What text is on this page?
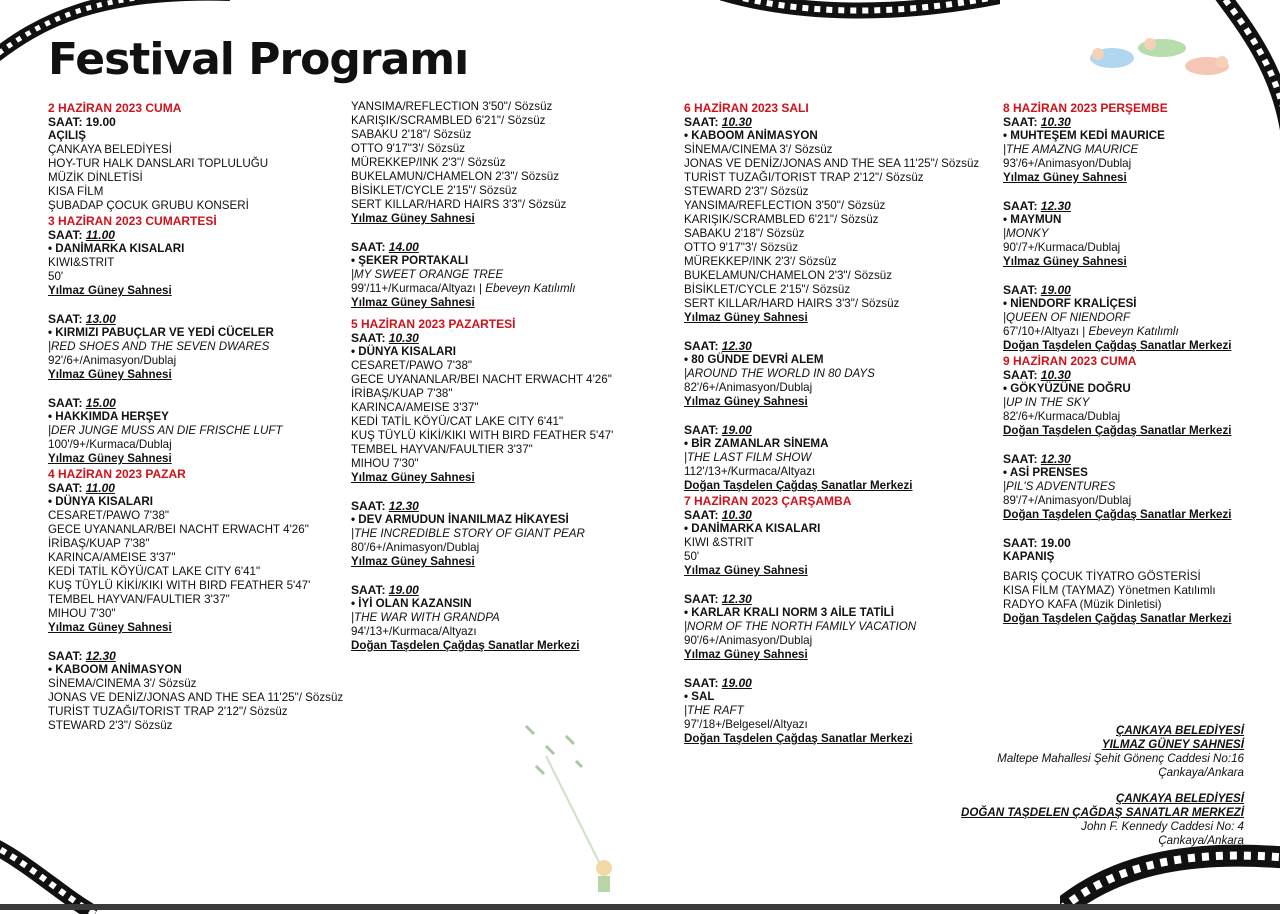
Festival Programı
2 HAZİRAN 2023 CUMA
SAAT: 19.00
AÇILIŞ
ÇANKAYA BELEDİYESİ
HOY-TUR HALK DANSLARI TOPLULUĞU
MÜZİK DİNLETİSİ
KISA FİLM
ŞUBADAP ÇOCUK GRUBU KONSERİ
3 HAZİRAN 2023 CUMARTESİ
SAAT: 11.00
• DANİMARKA KISALARI
KIWI&STRIT
50'
Yılmaz Güney Sahnesi
SAAT: 13.00
• KIRMIZI PABUÇLAR VE YEDİ CÜCELER
|RED SHOES AND THE SEVEN DWARES
92'/6+/Animasyon/Dublaj
Yılmaz Güney Sahnesi
SAAT: 15.00
• HAKKIMDA HERŞEY
|DER JUNGE MUSS AN DIE FRISCHE LUFT
100'/9+/Kurmaca/Dublaj
Yılmaz Güney Sahnesi
4 HAZİRAN 2023 PAZAR
SAAT: 11.00
• DÜNYA KISALARI
CESARET/PAWO 7'38"
GECE UYANANLAR/BEI NACHT ERWACHT 4'26"
İRİBAŞ/KUAP 7'38"
KARINCA/AMEISE 3'37"
KEDİ TATİL KÖYÜ/CAT LAKE CITY 6'41"
KUŞ TÜYLÜ KİKİ/KIKI WITH BIRD FEATHER 5'47'
TEMBEL HAYVAN/FAULTIER 3'37"
MIHOU 7'30"
Yılmaz Güney Sahnesi
SAAT: 12.30
• KABOOM ANİMASYON
SİNEMA/CINEMA 3'/ Sözsüz
JONAS VE DENİZ/JONAS AND THE SEA 11'25"/ Sözsüz
TURİST TUZAĞI/TORIST TRAP 2'12"/ Sözsüz
STEWARD 2'3"/ Sözsüz
YANSIMA/REFLECTION 3'50"/ Sözsüz
KARIŞIK/SCRAMBLED 6'21"/ Sözsüz
SABAKU 2'18"/ Sözsüz
OTTO 9'17"3'/ Sözsüz
MÜREKKEP/INK 2'3"/ Sözsüz
BUKELAMUN/CHAMELON 2'3"/ Sözsüz
BİSİKLET/CYCLE 2'15"/ Sözsüz
SERT KILLAR/HARD HAIRS 3'3"/ Sözsüz
Yılmaz Güney Sahnesi
SAAT: 14.00
• ŞEKER PORTAKALI
|MY SWEET ORANGE TREE
99'/11+/Kurmaca/Altyazı | Ebeveyn Katılımlı
Yılmaz Güney Sahnesi
5 HAZİRAN 2023 PAZARTESİ
SAAT: 10.30
• DÜNYA KISALARI
CESARET/PAWO 7'38"
GECE UYANANLAR/BEI NACHT ERWACHT 4'26"
İRİBAŞ/KUAP 7'38"
KARINCA/AMEISE 3'37"
KEDİ TATİL KÖYÜ/CAT LAKE CITY 6'41"
KUŞ TÜYLÜ KİKİ/KIKI WITH BIRD FEATHER 5'47'
TEMBEL HAYVAN/FAULTIER 3'37"
MIHOU 7'30"
Yılmaz Güney Sahnesi
SAAT: 12.30
• DEV ARMUDUN İNANILMAZ HİKAYESİ
|THE INCREDIBLE STORY OF GIANT PEAR
80'/6+/Animasyon/Dublaj
Yılmaz Güney Sahnesi
SAAT: 19.00
• İYİ OLAN KAZANSIN
|THE WAR WITH GRANDPA
94'/13+/Kurmaca/Altyazı
Doğan Taşdelen Çağdaş Sanatlar Merkezi
6 HAZİRAN 2023 SALI
SAAT: 10.30
• KABOOM ANİMASYON
SİNEMA/CINEMA 3'/ Sözsüz
JONAS VE DENİZ/JONAS AND THE SEA 11'25"/ Sözsüz
TURİST TUZAĞI/TORIST TRAP 2'12"/ Sözsüz
STEWARD 2'3"/ Sözsüz
YANSIMA/REFLECTION 3'50"/ Sözsüz
KARIŞIK/SCRAMBLED 6'21"/ Sözsüz
SABAKU 2'18"/ Sözsüz
OTTO 9'17"3'/ Sözsüz
MÜREKKEP/INK 2'3'/ Sözsüz
BUKELAMUN/CHAMELON 2'3"/ Sözsüz
BİSİKLET/CYCLE 2'15"/ Sözsüz
SERT KILLAR/HARD HAIRS 3'3"/ Sözsüz
Yılmaz Güney Sahnesi
SAAT: 12.30
• 80 GÜNDE DEVRİ ALEM
|AROUND THE WORLD IN 80 DAYS
82'/6+/Animasyon/Dublaj
Yılmaz Güney Sahnesi
SAAT: 19.00
• BİR ZAMANLAR SİNEMA
|THE LAST FILM SHOW
112'/13+/Kurmaca/Altyazı
Doğan Taşdelen Çağdaş Sanatlar Merkezi
7 HAZİRAN 2023 ÇARŞAMBA
SAAT: 10.30
• DANİMARKA KISALARI
KIWI &STRIT
50'
Yılmaz Güney Sahnesi
SAAT: 12.30
• KARLAR KRALI NORM 3 AİLE TATİLİ
|NORM OF THE NORTH FAMILY VACATION
90'/6+/Animasyon/Dublaj
Yılmaz Güney Sahnesi
SAAT: 19.00
• SAL
|THE RAFT
97'/18+/Belgesel/Altyazı
Doğan Taşdelen Çağdaş Sanatlar Merkezi
8 HAZİRAN 2023 PERŞEMBE
SAAT: 10.30
• MUHTEŞEM KEDİ MAURICE
|THE AMAZNG MAURICE
93'/6+/Animasyon/Dublaj
Yılmaz Güney Sahnesi
SAAT: 12.30
• MAYMUN
|MONKY
90'/7+/Kurmaca/Dublaj
Yılmaz Güney Sahnesi
SAAT: 19.00
• NİENDORF KRALİÇESİ
|QUEEN OF NIENDORF
67'/10+/Altyazı | Ebeveyn Katılımlı
Doğan Taşdelen Çağdaş Sanatlar Merkezi
9 HAZİRAN 2023 CUMA
SAAT: 10.30
• GÖKYÜZÜNE DOĞRU
|UP IN THE SKY
82'/6+/Kurmaca/Dublaj
Doğan Taşdelen Çağdaş Sanatlar Merkezi
SAAT: 12.30
• ASİ PRENSES
|PIL'S ADVENTURES
89'/7+/Animasyon/Dublaj
Doğan Taşdelen Çağdaş Sanatlar Merkezi
SAAT: 19.00
KAPANIŞ
BARIŞ ÇOCUK TİYATRO GÖSTERİSİ
KISA FİLM (TAYMAZ) Yönetmen Katılımlı
RADYO KAFA (Müzik Dinletisi)
Doğan Taşdelen Çağdaş Sanatlar Merkezi
ÇANKAYA BELEDİYESİ
YILMAZ GÜNEY SAHNESİ
Maltepe Mahallesi Şehit Gönenç Caddesi No:16
Çankaya/Ankara
ÇANKAYA BELEDİYESİ
DOĞAN TAŞDELEN ÇAĞDAŞ SANATLAR MERKEZİ
John F. Kennedy Caddesi No: 4
Çankaya/Ankara
